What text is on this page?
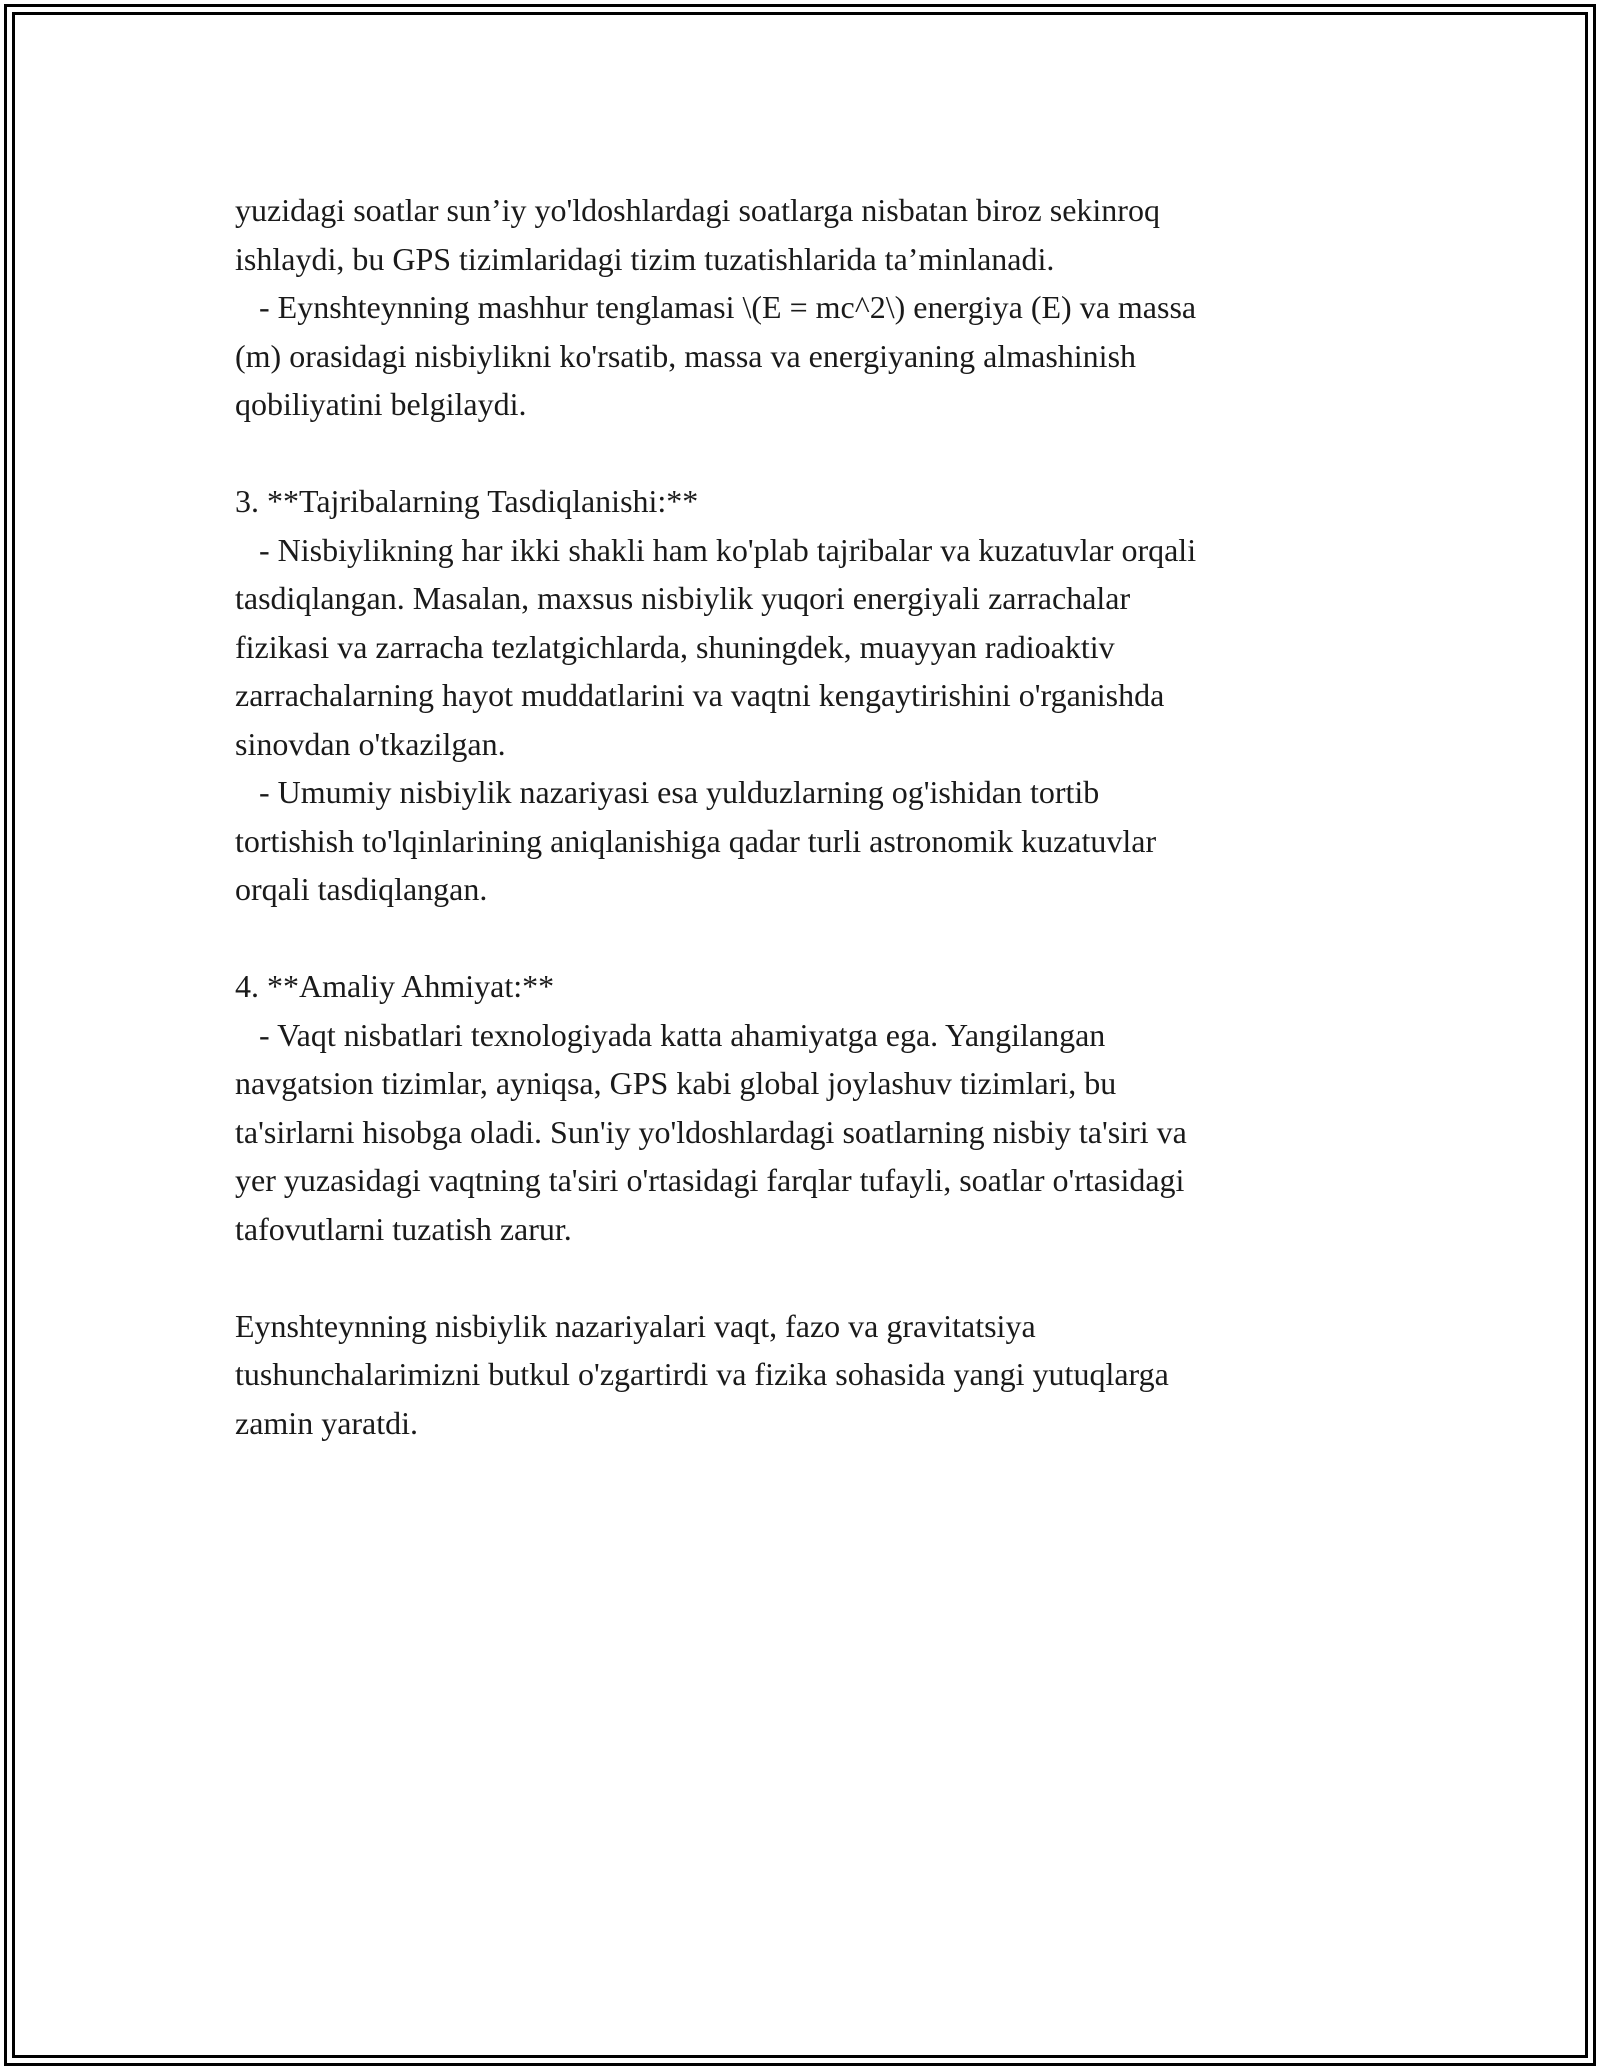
yuzidagi soatlar sun’iy yo'ldoshlardagi soatlarga nisbatan biroz sekinroq
ishlaydi, bu GPS tizimlaridagi tizim tuzatishlarida ta’minlanadi.
- Eynshteynning mashhur tenglamasi \(E = mc^2\) energiya (E) va massa
(m) orasidagi nisbiylikni ko'rsatib, massa va energiyaning almashinish
qobiliyatini belgilaydi.
3. **Tajribalarning Tasdiqlanishi:**
- Nisbiylikning har ikki shakli ham ko'plab tajribalar va kuzatuvlar orqali
tasdiqlangan. Masalan, maxsus nisbiylik yuqori energiyali zarrachalar
fizikasi va zarracha tezlatgichlarda, shuningdek, muayyan radioaktiv
zarrachalarning hayot muddatlarini va vaqtni kengaytirishini o'rganishda
sinovdan o'tkazilgan.
- Umumiy nisbiylik nazariyasi esa yulduzlarning og'ishidan tortib
tortishish to'lqinlarining aniqlanishiga qadar turli astronomik kuzatuvlar
orqali tasdiqlangan.
4. **Amaliy Ahmiyat:**
- Vaqt nisbatlari texnologiyada katta ahamiyatga ega. Yangilangan
navgatsion tizimlar, ayniqsa, GPS kabi global joylashuv tizimlari, bu
ta'sirlarni hisobga oladi. Sun'iy yo'ldoshlardagi soatlarning nisbiy ta'siri va
yer yuzasidagi vaqtning ta'siri o'rtasidagi farqlar tufayli, soatlar o'rtasidagi
tafovutlarni tuzatish zarur.
Eynshteynning nisbiylik nazariyalari vaqt, fazo va gravitatsiya
tushunchalarimizni butkul o'zgartirdi va fizika sohasida yangi yutuqlarga
zamin yaratdi.
